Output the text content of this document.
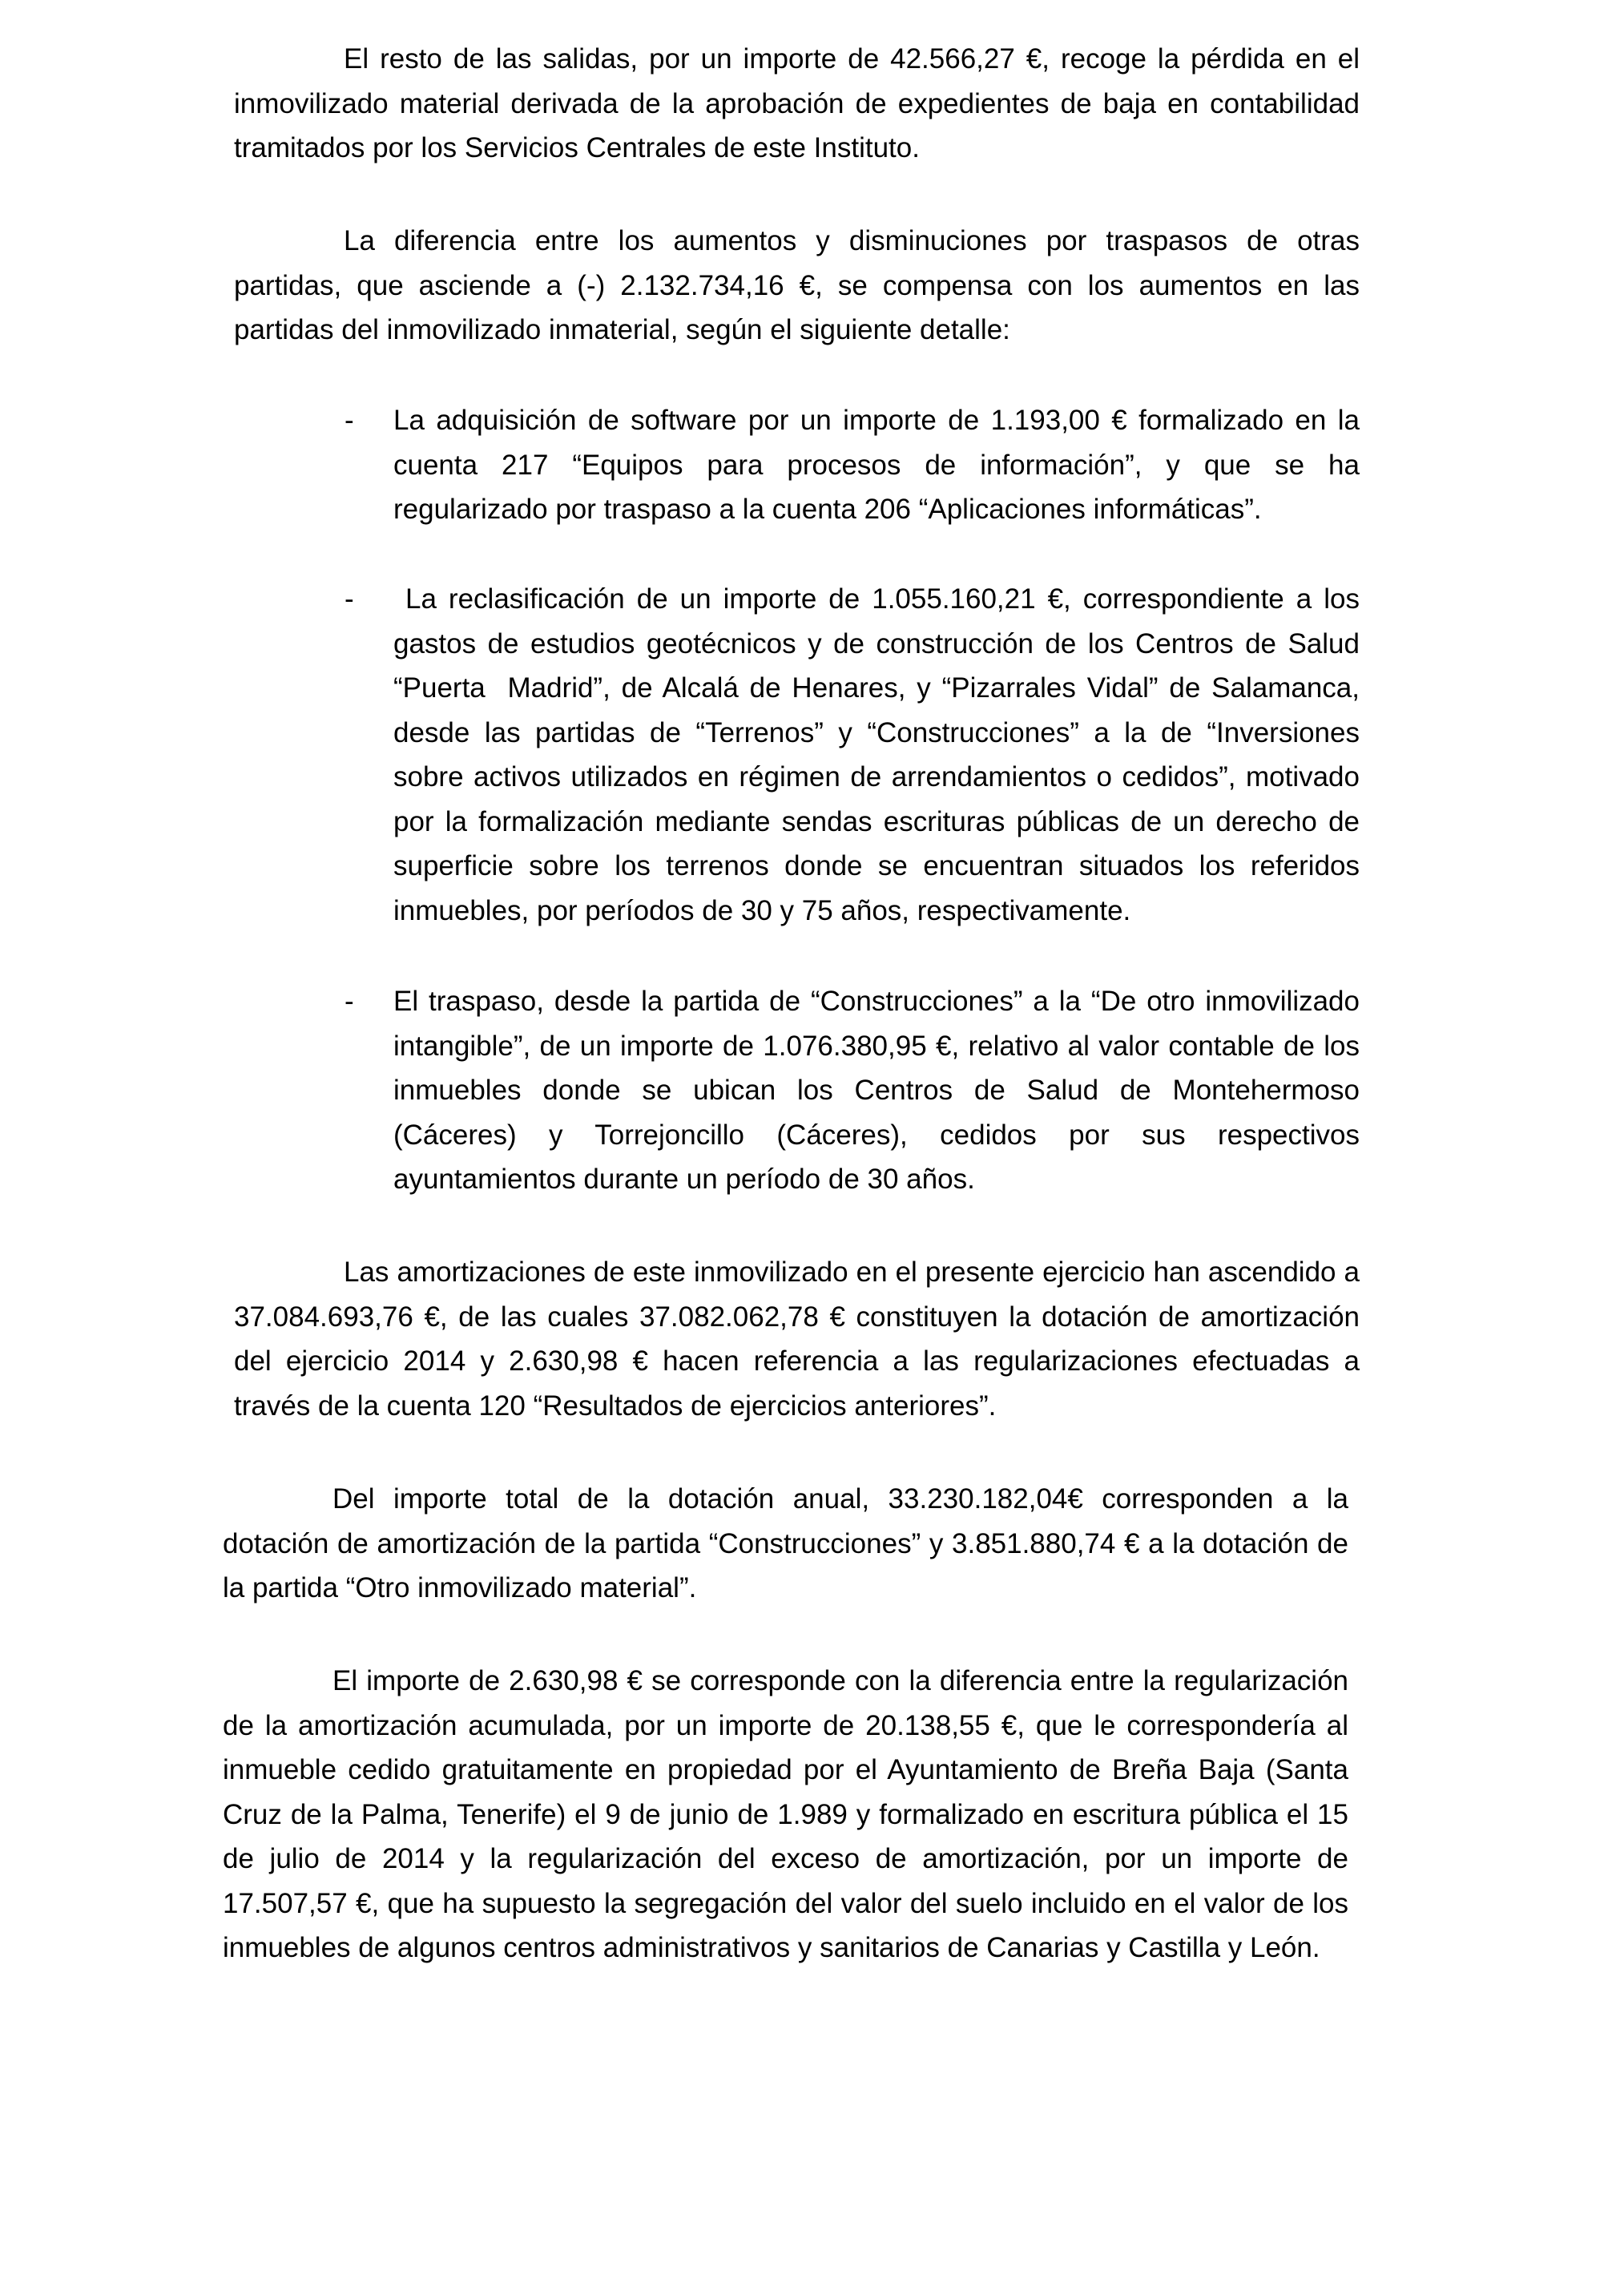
El resto de las salidas, por un importe de 42.566,27 €, recoge la pérdida en el inmovilizado material derivada de la aprobación de expedientes de baja en contabilidad tramitados por los Servicios Centrales de este Instituto.

La diferencia entre los aumentos y disminuciones por traspasos de otras partidas, que asciende a (-) 2.132.734,16 €, se compensa con los aumentos en las partidas del inmovilizado inmaterial, según el siguiente detalle:

- La adquisición de software por un importe de 1.193,00 € formalizado en la cuenta 217 “Equipos para procesos de información”, y que se ha regularizado por traspaso a la cuenta 206 “Aplicaciones informáticas”.

- La reclasificación de un importe de 1.055.160,21 €, correspondiente a los gastos de estudios geotécnicos y de construcción de los Centros de Salud “Puerta  Madrid”, de Alcalá de Henares, y “Pizarrales Vidal” de Salamanca, desde las partidas de “Terrenos” y “Construcciones” a la de “Inversiones sobre activos utilizados en régimen de arrendamientos o cedidos”, motivado por la formalización mediante sendas escrituras públicas de un derecho de superficie sobre los terrenos donde se encuentran situados los referidos inmuebles, por períodos de 30 y 75 años, respectivamente.

- El traspaso, desde la partida de “Construcciones” a la “De otro inmovilizado intangible”, de un importe de 1.076.380,95 €, relativo al valor contable de los inmuebles donde se ubican los Centros de Salud de Montehermoso (Cáceres) y Torrejoncillo (Cáceres), cedidos por sus respectivos ayuntamientos durante un período de 30 años.

Las amortizaciones de este inmovilizado en el presente ejercicio han ascendido a 37.084.693,76 €, de las cuales 37.082.062,78 € constituyen la dotación de amortización del ejercicio 2014 y 2.630,98 € hacen referencia a las regularizaciones efectuadas a través de la cuenta 120 “Resultados de ejercicios anteriores”.

Del importe total de la dotación anual, 33.230.182,04€ corresponden a la dotación de amortización de la partida “Construcciones” y 3.851.880,74 € a la dotación de la partida “Otro inmovilizado material”.

El importe de 2.630,98 € se corresponde con la diferencia entre la regularización de la amortización acumulada, por un importe de 20.138,55 €, que le correspondería al inmueble cedido gratuitamente en propiedad por el Ayuntamiento de Breña Baja (Santa Cruz de la Palma, Tenerife) el 9 de junio de 1.989 y formalizado en escritura pública el 15 de julio de 2014 y la regularización del exceso de amortización, por un importe de 17.507,57 €, que ha supuesto la segregación del valor del suelo incluido en el valor de los inmuebles de algunos centros administrativos y sanitarios de Canarias y Castilla y León.
